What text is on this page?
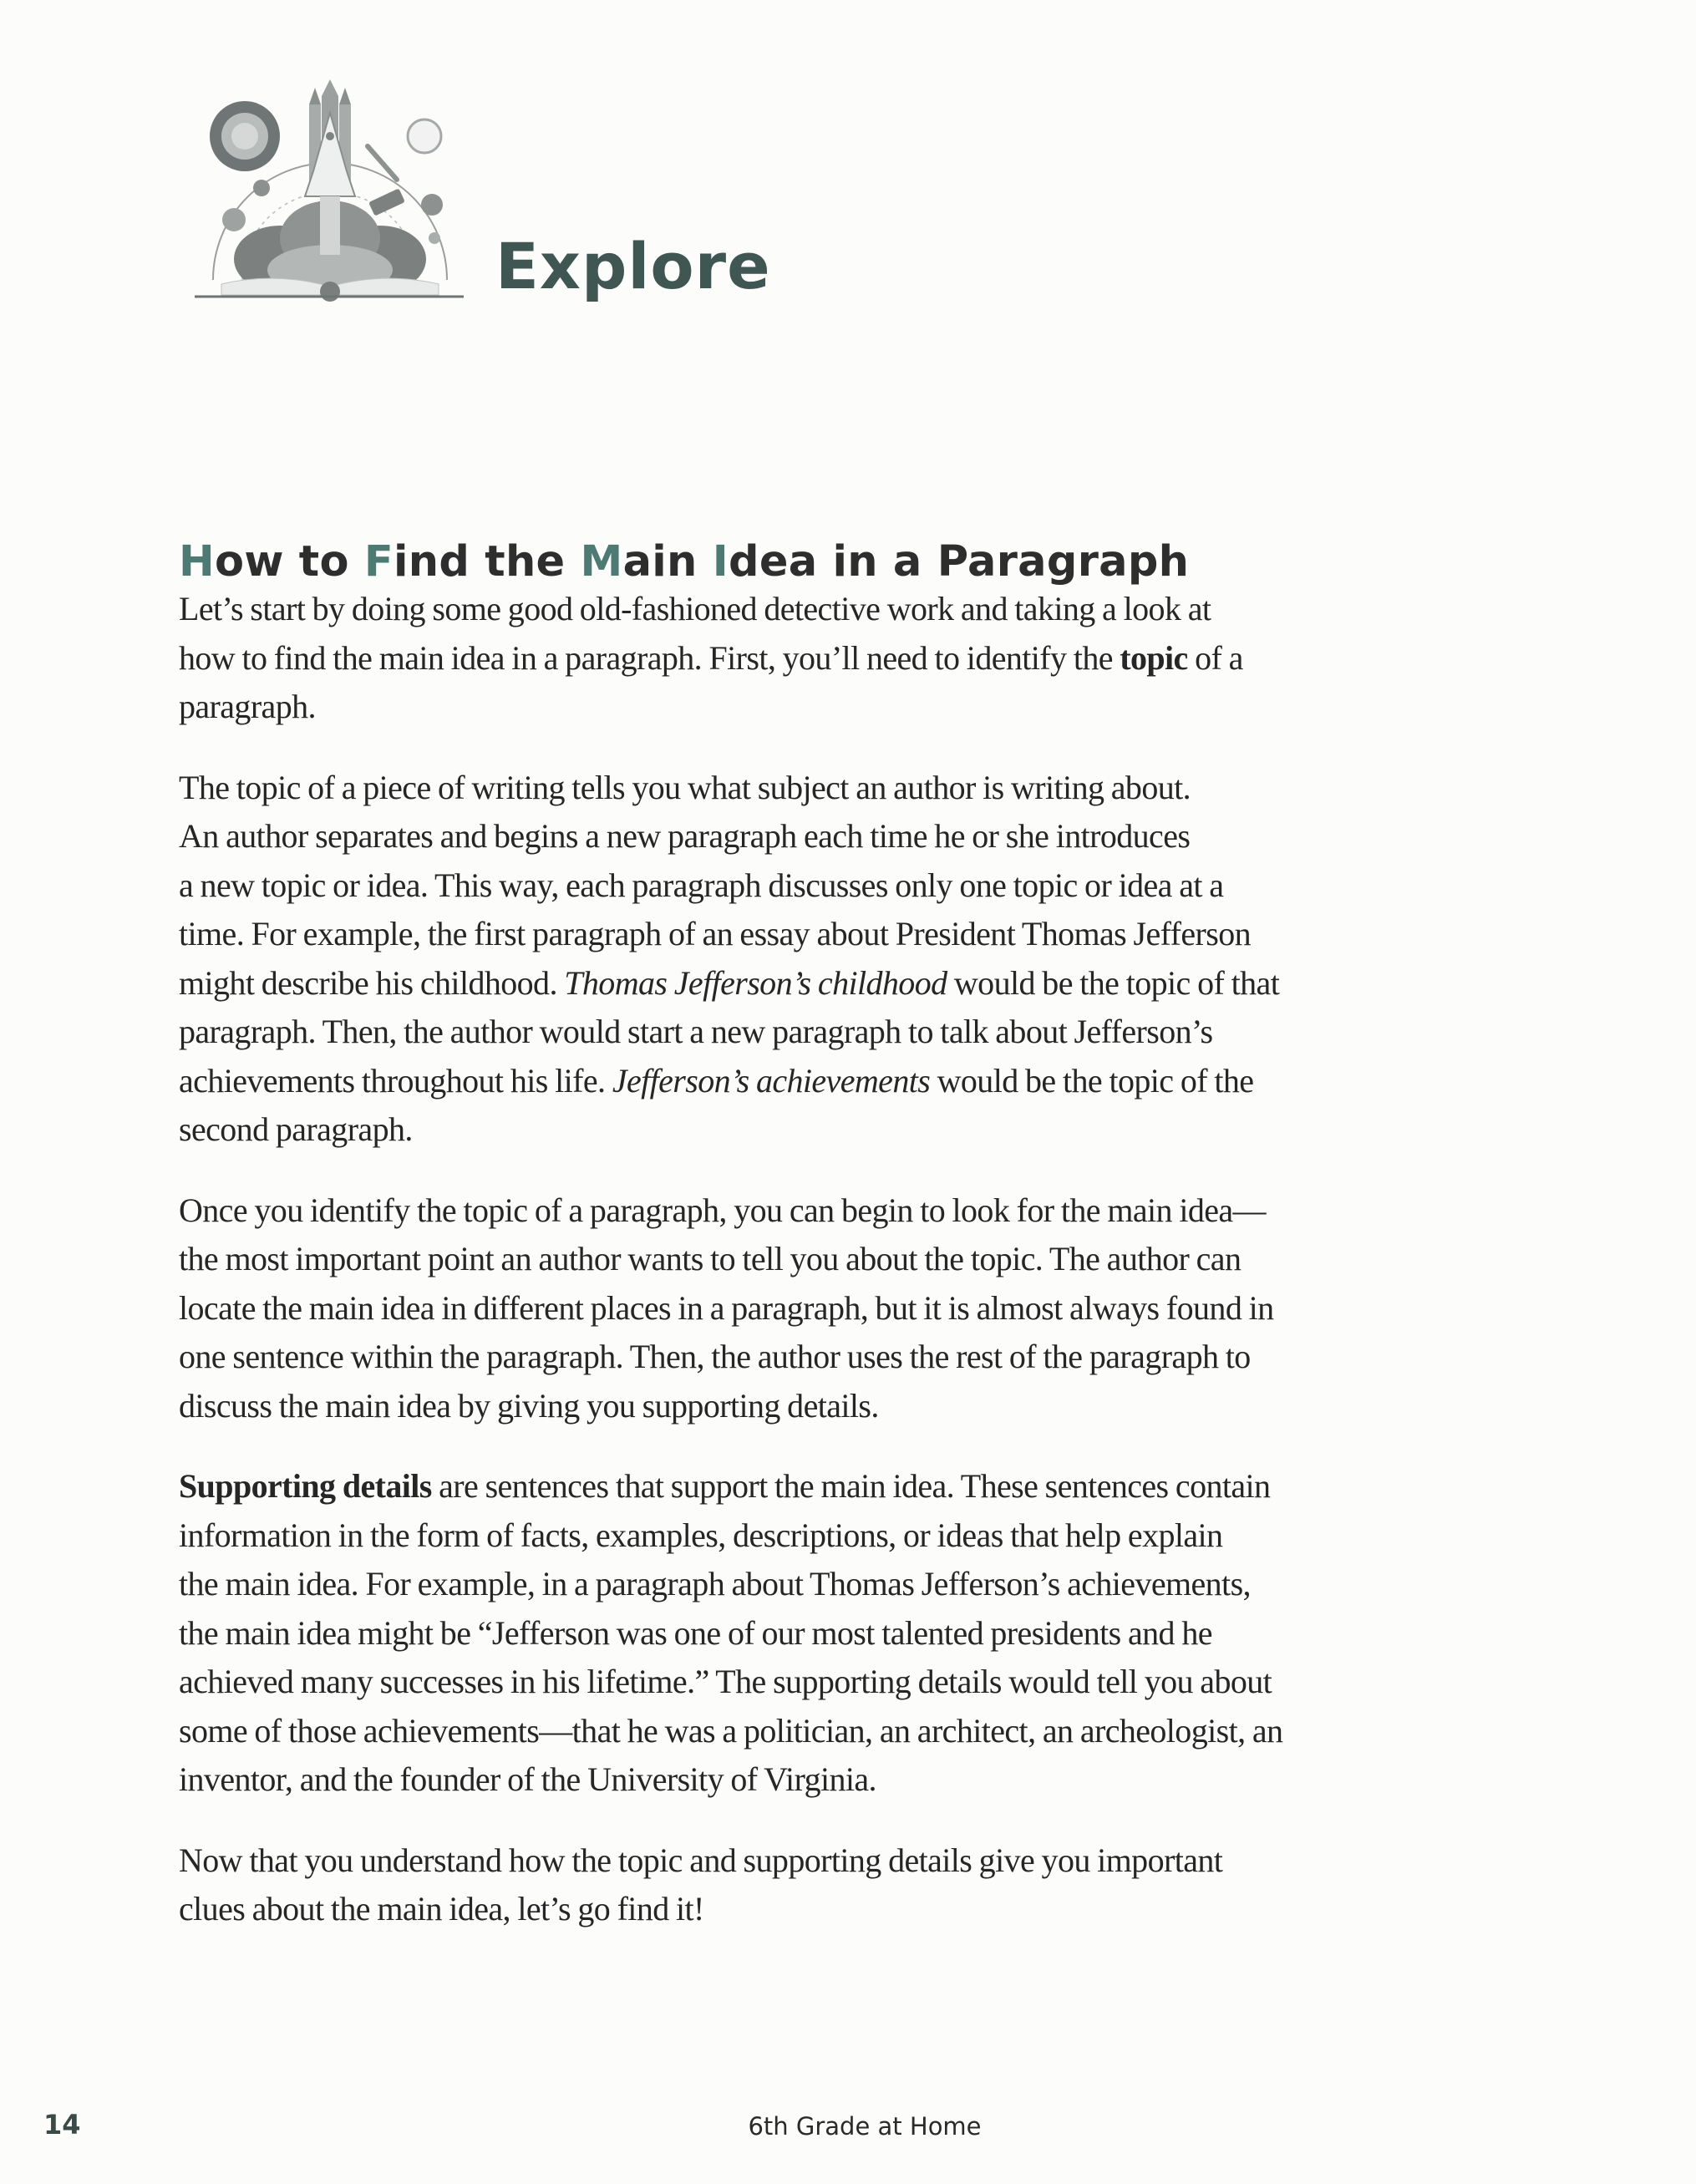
Explore
How to Find the Main Idea in a Paragraph

Let’s start by doing some good old-fashioned detective work and taking a look at
how to find the main idea in a paragraph. First, you’ll need to identify the topic of a
paragraph.

The topic of a piece of writing tells you what subject an author is writing about.
An author separates and begins a new paragraph each time he or she introduces
a new topic or idea. This way, each paragraph discusses only one topic or idea at a
time. For example, the first paragraph of an essay about President Thomas Jefferson
might describe his childhood. Thomas Jefferson’s childhood would be the topic of that
paragraph. Then, the author would start a new paragraph to talk about Jefferson’s
achievements throughout his life. Jefferson’s achievements would be the topic of the
second paragraph.

Once you identify the topic of a paragraph, you can begin to look for the main idea—
the most important point an author wants to tell you about the topic. The author can
locate the main idea in different places in a paragraph, but it is almost always found in
one sentence within the paragraph. Then, the author uses the rest of the paragraph to
discuss the main idea by giving you supporting details.

Supporting details are sentences that support the main idea. These sentences contain
information in the form of facts, examples, descriptions, or ideas that help explain
the main idea. For example, in a paragraph about Thomas Jefferson’s achievements,
the main idea might be “Jefferson was one of our most talented presidents and he
achieved many successes in his lifetime.” The supporting details would tell you about
some of those achievements—that he was a politician, an architect, an archeologist, an
inventor, and the founder of the University of Virginia.

Now that you understand how the topic and supporting details give you important
clues about the main idea, let’s go find it!

14	6th Grade at Home
